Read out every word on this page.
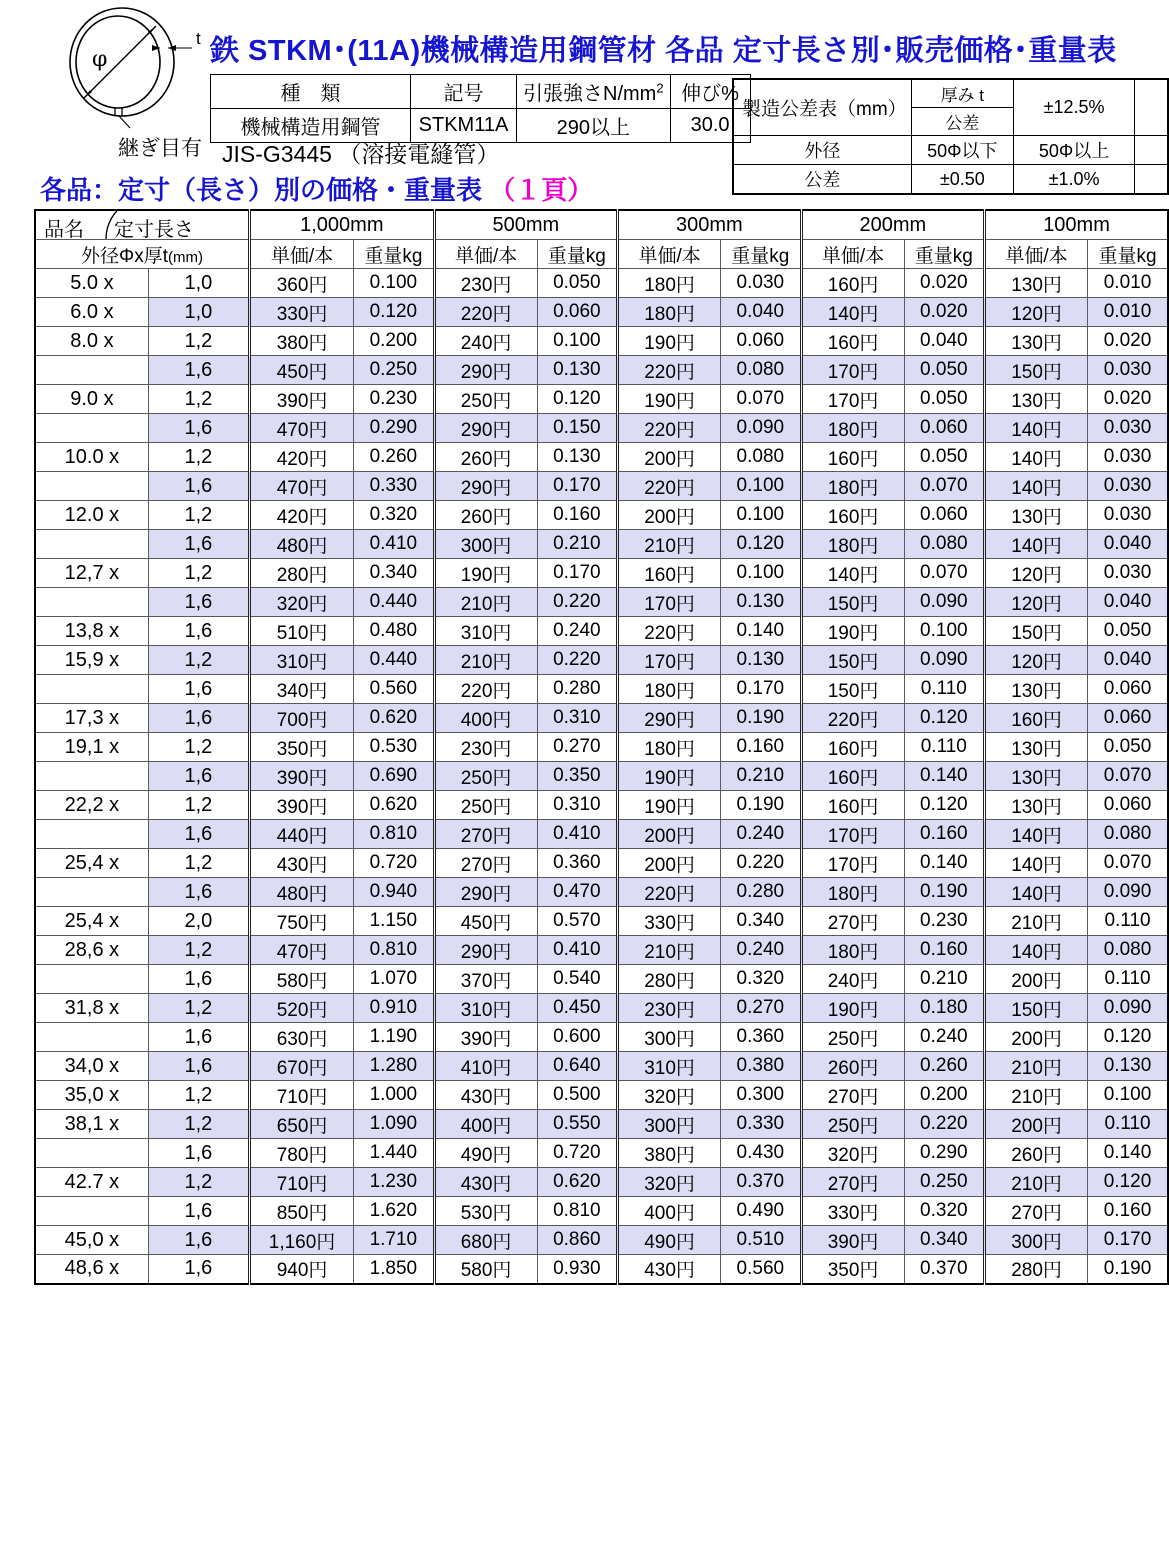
φ
t
継ぎ目有
鉄 STKM･(11A)機械構造用鋼管材 各品 定寸長さ別･販売価格･重量表
種　類	記号	引張強さ$N/mm^2$	伸び%
機械構造用鋼管	STKM11A	290以上	30.0
JIS-G3445 （溶接電縫管）
各品：定寸（長さ）別の価格・重量表 （１頁）
製造公差表（mm）	厚み t	±12.5%	
	公差		
外径	50Φ以下	50Φ以上	
公差	±0.50	±1.0%	
品名 定寸長さ		1,000mm		500mm		300mm		200mm		100mm	
外径Φx厚t(mm)		単価/本	重量kg	単価/本	重量kg	単価/本	重量kg	単価/本	重量kg	単価/本	重量kg
5.0 x	1,0	360円	0.100	230円	0.050	180円	0.030	160円	0.020	130円	0.010
6.0 x	1,0	330円	0.120	220円	0.060	180円	0.040	140円	0.020	120円	0.010
8.0 x	1,2	380円	0.200	240円	0.100	190円	0.060	160円	0.040	130円	0.020
	1,6	450円	0.250	290円	0.130	220円	0.080	170円	0.050	150円	0.030
9.0 x	1,2	390円	0.230	250円	0.120	190円	0.070	170円	0.050	130円	0.020
	1,6	470円	0.290	290円	0.150	220円	0.090	180円	0.060	140円	0.030
10.0 x	1,2	420円	0.260	260円	0.130	200円	0.080	160円	0.050	140円	0.030
	1,6	470円	0.330	290円	0.170	220円	0.100	180円	0.070	140円	0.030
12.0 x	1,2	420円	0.320	260円	0.160	200円	0.100	160円	0.060	130円	0.030
	1,6	480円	0.410	300円	0.210	210円	0.120	180円	0.080	140円	0.040
12,7 x	1,2	280円	0.340	190円	0.170	160円	0.100	140円	0.070	120円	0.030
	1,6	320円	0.440	210円	0.220	170円	0.130	150円	0.090	120円	0.040
13,8 x	1,6	510円	0.480	310円	0.240	220円	0.140	190円	0.100	150円	0.050
15,9 x	1,2	310円	0.440	210円	0.220	170円	0.130	150円	0.090	120円	0.040
	1,6	340円	0.560	220円	0.280	180円	0.170	150円	0.110	130円	0.060
17,3 x	1,6	700円	0.620	400円	0.310	290円	0.190	220円	0.120	160円	0.060
19,1 x	1,2	350円	0.530	230円	0.270	180円	0.160	160円	0.110	130円	0.050
	1,6	390円	0.690	250円	0.350	190円	0.210	160円	0.140	130円	0.070
22,2 x	1,2	390円	0.620	250円	0.310	190円	0.190	160円	0.120	130円	0.060
	1,6	440円	0.810	270円	0.410	200円	0.240	170円	0.160	140円	0.080
25,4 x	1,2	430円	0.720	270円	0.360	200円	0.220	170円	0.140	140円	0.070
	1,6	480円	0.940	290円	0.470	220円	0.280	180円	0.190	140円	0.090
25,4 x	2,0	750円	1.150	450円	0.570	330円	0.340	270円	0.230	210円	0.110
28,6 x	1,2	470円	0.810	290円	0.410	210円	0.240	180円	0.160	140円	0.080
	1,6	580円	1.070	370円	0.540	280円	0.320	240円	0.210	200円	0.110
31,8 x	1,2	520円	0.910	310円	0.450	230円	0.270	190円	0.180	150円	0.090
	1,6	630円	1.190	390円	0.600	300円	0.360	250円	0.240	200円	0.120
34,0 x	1,6	670円	1.280	410円	0.640	310円	0.380	260円	0.260	210円	0.130
35,0 x	1,2	710円	1.000	430円	0.500	320円	0.300	270円	0.200	210円	0.100
38,1 x	1,2	650円	1.090	400円	0.550	300円	0.330	250円	0.220	200円	0.110
	1,6	780円	1.440	490円	0.720	380円	0.430	320円	0.290	260円	0.140
42.7 x	1,2	710円	1.230	430円	0.620	320円	0.370	270円	0.250	210円	0.120
	1,6	850円	1.620	530円	0.810	400円	0.490	330円	0.320	270円	0.160
45,0 x	1,6	1,160円	1.710	680円	0.860	490円	0.510	390円	0.340	300円	0.170
48,6 x	1,6	940円	1.850	580円	0.930	430円	0.560	350円	0.370	280円	0.190
